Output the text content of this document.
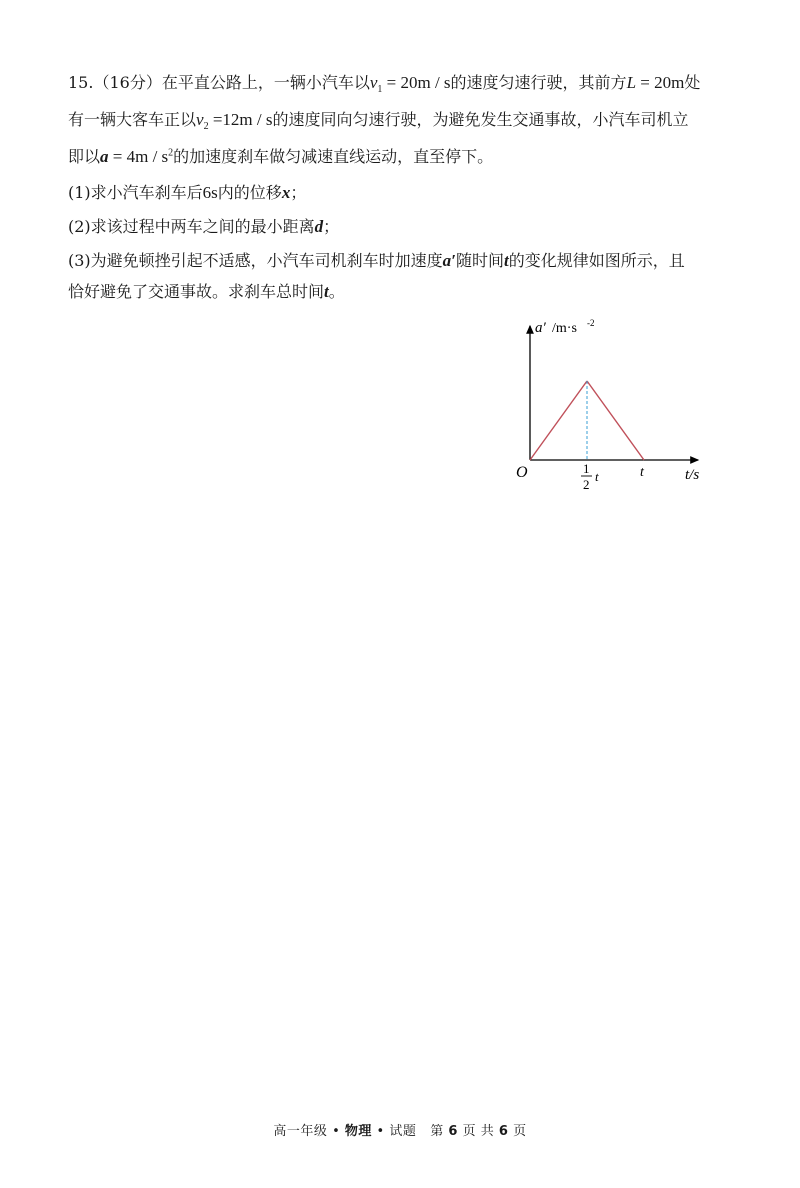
15.（16分）在平直公路上，一辆小汽车以$v_1 = 20m / s$的速度匀速行驶，其前方L = 20m处
有一辆大客车正以$v_2 =12m / s$的速度同向匀速行驶，为避免发生交通事故，小汽车司机立
即以$a = 4m / s^2$的加速度刹车做匀减速直线运动，直至停下。
(1)求小汽车刹车后6s内的位移x；
(2)求该过程中两车之间的最小距离d；
(3)为避免顿挫引起不适感，小汽车司机刹车时加速度a′随时间t的变化规律如图所示，且
恰好避免了交通事故。求刹车总时间t。
a′ /m·s -2
O	1
2
t	t	t/s
高一年级 • 物理 • 试题 第 6 页 共 6 页
